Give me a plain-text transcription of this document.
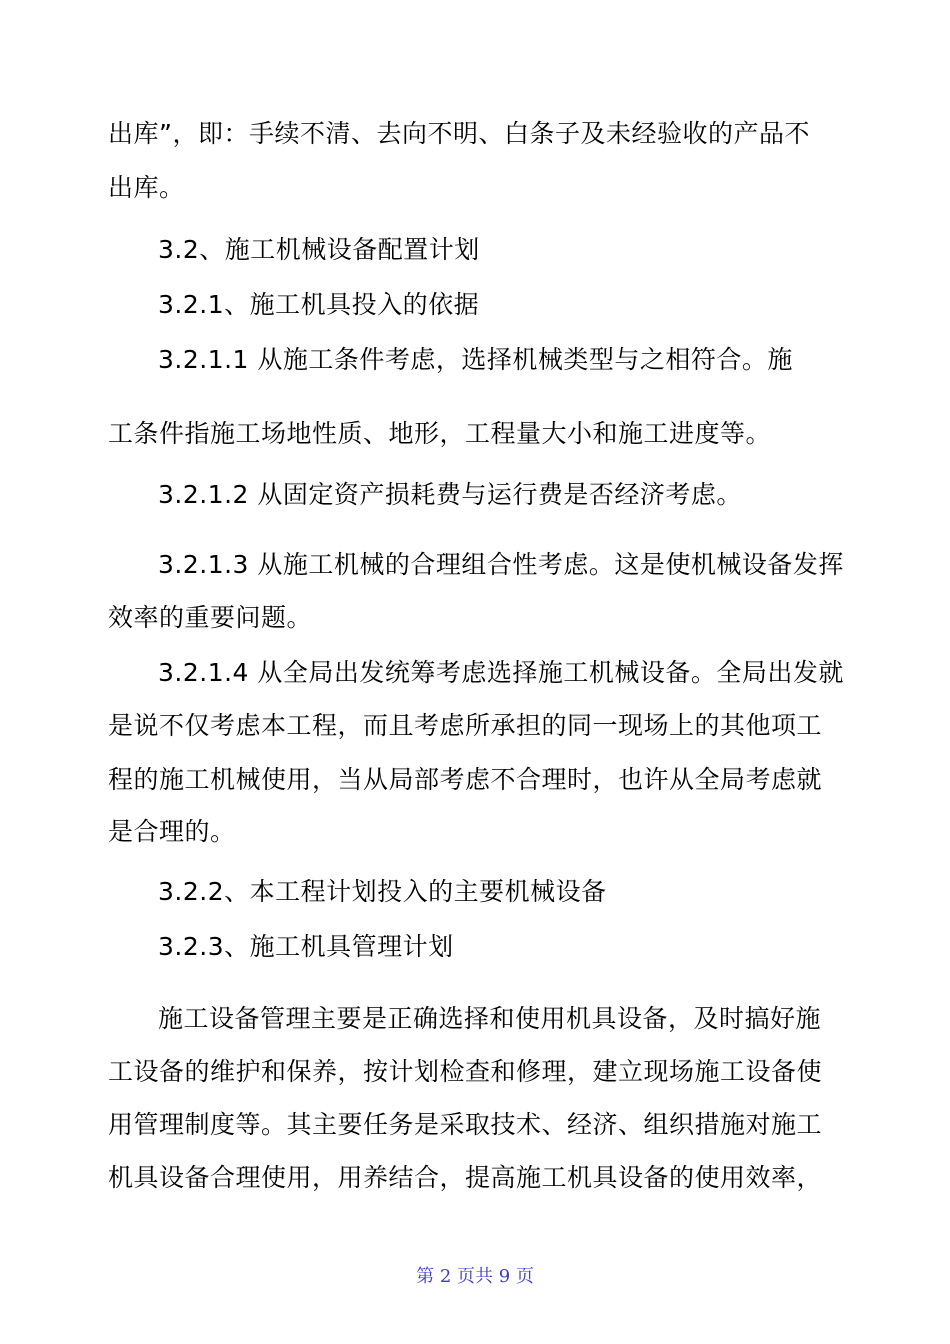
出库”，即：手续不清、去向不明、白条子及未经验收的产品不
出库。
3.2、施工机械设备配置计划
3.2.1、施工机具投入的依据
3.2.1.1 从施工条件考虑，选择机械类型与之相符合。施
工条件指施工场地性质、地形，工程量大小和施工进度等。
3.2.1.2 从固定资产损耗费与运行费是否经济考虑。
3.2.1.3 从施工机械的合理组合性考虑。这是使机械设备发挥
效率的重要问题。
3.2.1.4 从全局出发统筹考虑选择施工机械设备。全局出发就
是说不仅考虑本工程，而且考虑所承担的同一现场上的其他项工
程的施工机械使用，当从局部考虑不合理时，也许从全局考虑就
是合理的。
3.2.2、本工程计划投入的主要机械设备
3.2.3、施工机具管理计划
施工设备管理主要是正确选择和使用机具设备，及时搞好施
工设备的维护和保养，按计划检查和修理，建立现场施工设备使
用管理制度等。其主要任务是采取技术、经济、组织措施对施工
机具设备合理使用，用养结合，提高施工机具设备的使用效率，
第 2 页共 9 页
